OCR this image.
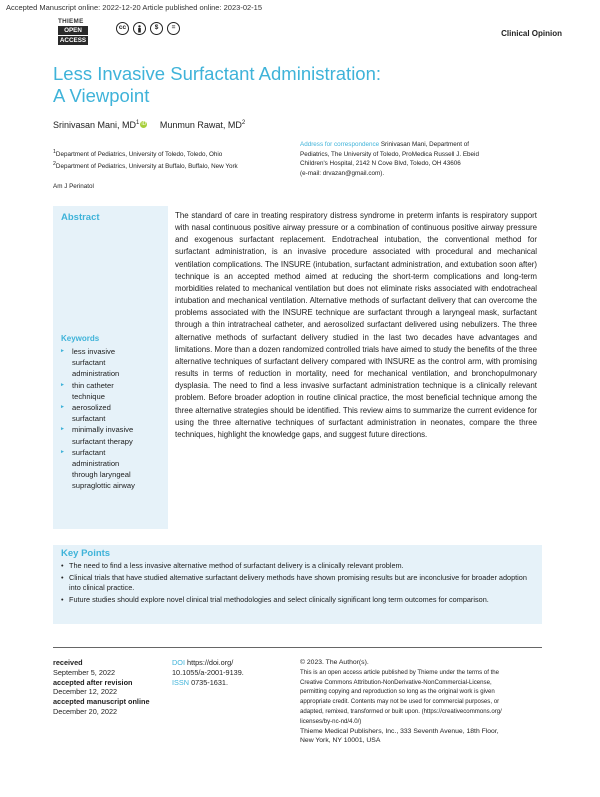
Accepted Manuscript online: 2022-12-20 Article published online: 2023-02-15
THIEME
OPEN
ACCESS
cc	$	=
Clinical Opinion
Less Invasive Surfactant Administration:
A Viewpoint
Srinivasan Mani, $MD^1$ iD Munmun Rawat, $MD^2$
$^1$Department of Pediatrics, University of Toledo, Toledo, Ohio
$^2$Department of Pediatrics, University at Buffalo, Buffalo, New York
Am J Perinatol
Address for correspondence Srinivasan Mani, Department of
Pediatrics, The University of Toledo, ProMedica Russell J. Ebeid
Children's Hospital, 2142 N Cove Blvd, Toledo, OH 43606
(e-mail: drvazan@gmail.com).
Abstract
Keywords
► less invasive
surfactant
administration
► thin catheter
technique
► aerosolized
surfactant
► minimally invasive
surfactant therapy
► surfactant
administration
through laryngeal
supraglottic airway

The standard of care in treating respiratory distress syndrome in preterm infants is respiratory support with nasal continuous positive airway pressure or a combination of continuous positive airway pressure and exogenous surfactant replacement. Endotracheal intubation, the conventional method for surfactant administration, is an invasive procedure associated with procedural and mechanical ventilation complications. The INSURE (intubation, surfactant administration, and extubation soon after) technique is an accepted method aimed at reducing the short-term complications and long-term morbidities related to mechanical ventilation but does not eliminate risks associated with endotracheal intubation and mechanical ventilation. Alternative methods of surfactant delivery that can overcome the problems associated with the INSURE technique are surfactant through a laryngeal mask, surfactant through a thin intratracheal catheter, and aerosolized surfactant delivered using nebulizers. The three alternative methods of surfactant delivery studied in the last two decades have advantages and limitations. More than a dozen randomized controlled trials have aimed to study the benefits of the three alternative techniques of surfactant delivery compared with INSURE as the control arm, with promising results in terms of reduction in mortality, need for mechanical ventilation, and bronchopulmonary dysplasia. The need to find a less invasive surfactant administration technique is a clinically relevant problem. Before broader adoption in routine clinical practice, the most beneficial technique among the three alternative strategies should be identified. This review aims to summarize the current evidence for using the three alternative techniques of surfactant administration in neonates, compare the three techniques, highlight the knowledge gaps, and suggest future directions.

Key Points
• The need to find a less invasive alternative method of surfactant delivery is a clinically relevant problem.
• Clinical trials that have studied alternative surfactant delivery methods have shown promising results but are inconclusive for broader adoption into clinical practice.
• Future studies should explore novel clinical trial methodologies and select clinically significant long term outcomes for comparison.
received
September 5, 2022
accepted after revision
December 12, 2022
accepted manuscript online
December 20, 2022
DOI https://doi.org/
10.1055/a-2001-9139.
ISSN 0735-1631.
© 2023. The Author(s).
This is an open access article published by Thieme under the terms of the
Creative Commons Attribution-NonDerivative-NonCommercial-License,
permitting copying and reproduction so long as the original work is given
appropriate credit. Contents may not be used for commercial purposes, or
adapted, remixed, transformed or built upon. (https://creativecommons.org/
licenses/by-nc-nd/4.0/)
Thieme Medical Publishers, Inc., 333 Seventh Avenue, 18th Floor,
New York, NY 10001, USA
